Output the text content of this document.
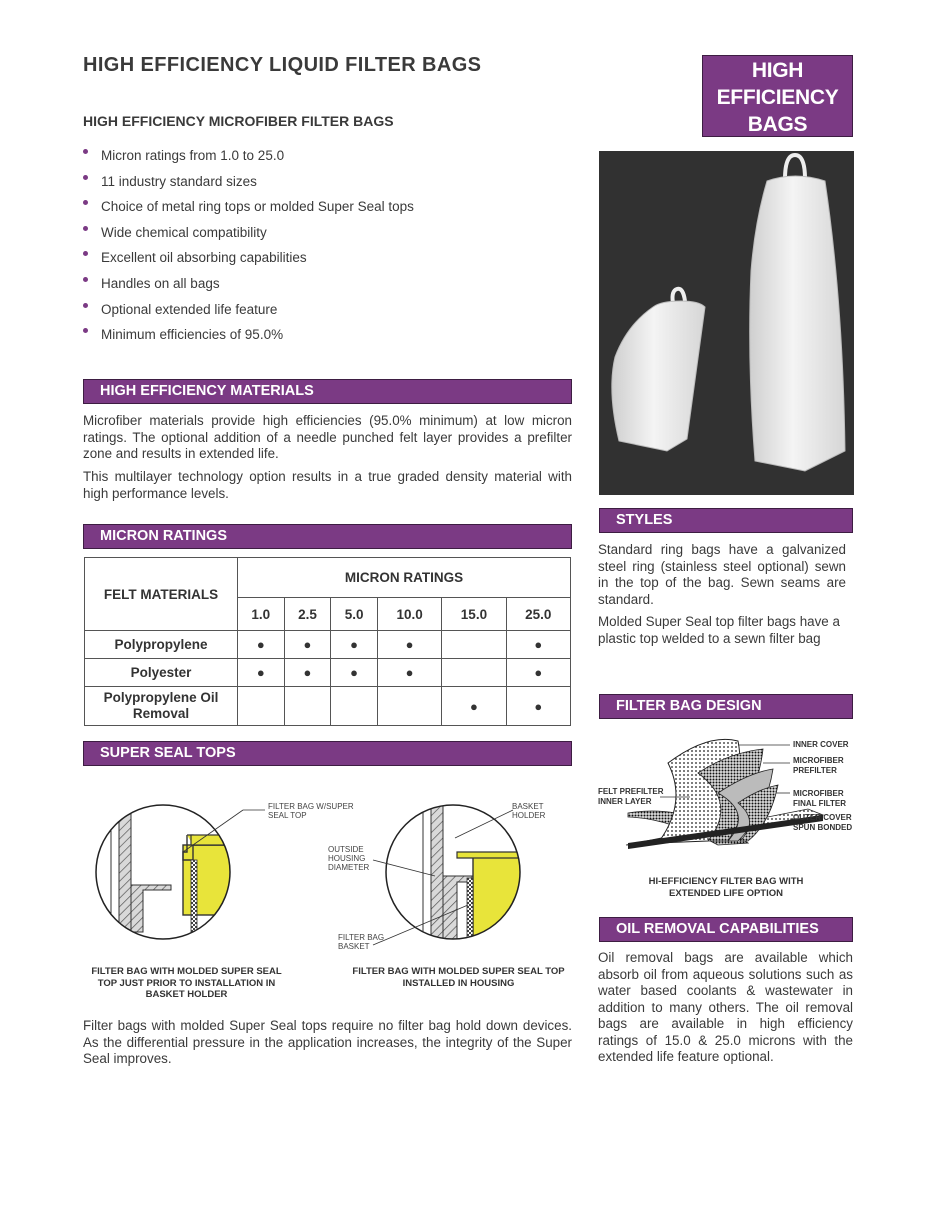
HIGH EFFICIENCY LIQUID FILTER BAGS	HIGH
EFFICIENCY
BAGS
HIGH EFFICIENCY MICROFIBER FILTER BAGS
Micron ratings from 1.0 to 25.0
11 industry standard sizes
Choice of metal ring tops or molded Super Seal tops
Wide chemical compatibility
Excellent oil absorbing capabilities
Handles on all bags
Optional extended life feature
Minimum efficiencies of 95.0%
HIGH EFFICIENCY MATERIALS

Microfiber materials provide high efficiencies (95.0% minimum) at low micron ratings. The optional addition of a needle punched felt layer provides a prefilter zone and results in extended life.

This multilayer technology option results in a true graded density material with high performance levels.

MICRON RATINGS
FELT MATERIALS	MICRON RATINGS					
	1.0	2.5	5.0	10.0	15.0	25.0
Polypropylene	●	●	●	●		●
Polyester	●	●	●	●		●
Polypropylene Oil Removal					●	●
SUPER SEAL TOPS
FILTER BAG W/SUPER SEAL TOP
BASKET HOLDER
OUTSIDE HOUSING DIAMETER
FILTER BAG BASKET
FILTER BAG WITH MOLDED SUPER SEAL TOP JUST PRIOR TO INSTALLATION IN BASKET HOLDER
FILTER BAG WITH MOLDED SUPER SEAL TOP INSTALLED IN HOUSING

Filter bags with molded Super Seal tops require no filter bag hold down devices. As the differential pressure in the application increases, the integrity of the Super Seal improves.

STYLES

Standard ring bags have a galvanized steel ring (stainless steel optional) sewn in the top of the bag. Sewn seams are standard.

Molded Super Seal top filter bags have a plastic top welded to a sewn filter bag

FILTER BAG DESIGN
INNER COVER
MICROFIBER PREFILTER
FELT PREFILTER INNER LAYER
MICROFIBER FINAL FILTER
OUTER COVER SPUN BONDED
HI-EFFICIENCY FILTER BAG WITH EXTENDED LIFE OPTION
OIL REMOVAL CAPABILITIES

Oil removal bags are available which absorb oil from aqueous solutions such as water based coolants & wastewater in addition to many others. The oil removal bags are available in high efficiency ratings of 15.0 & 25.0 microns with the extended life feature optional.
